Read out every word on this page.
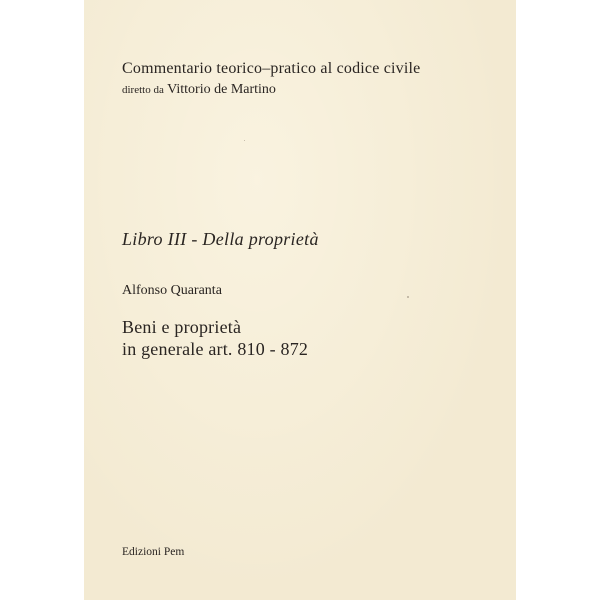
Commentario teorico–pratico al codice civile

diretto da Vittorio de Martino

Libro III - Della proprietà

Alfonso Quaranta

Beni e proprietà

in generale art. 810 - 872

Edizioni Pem
